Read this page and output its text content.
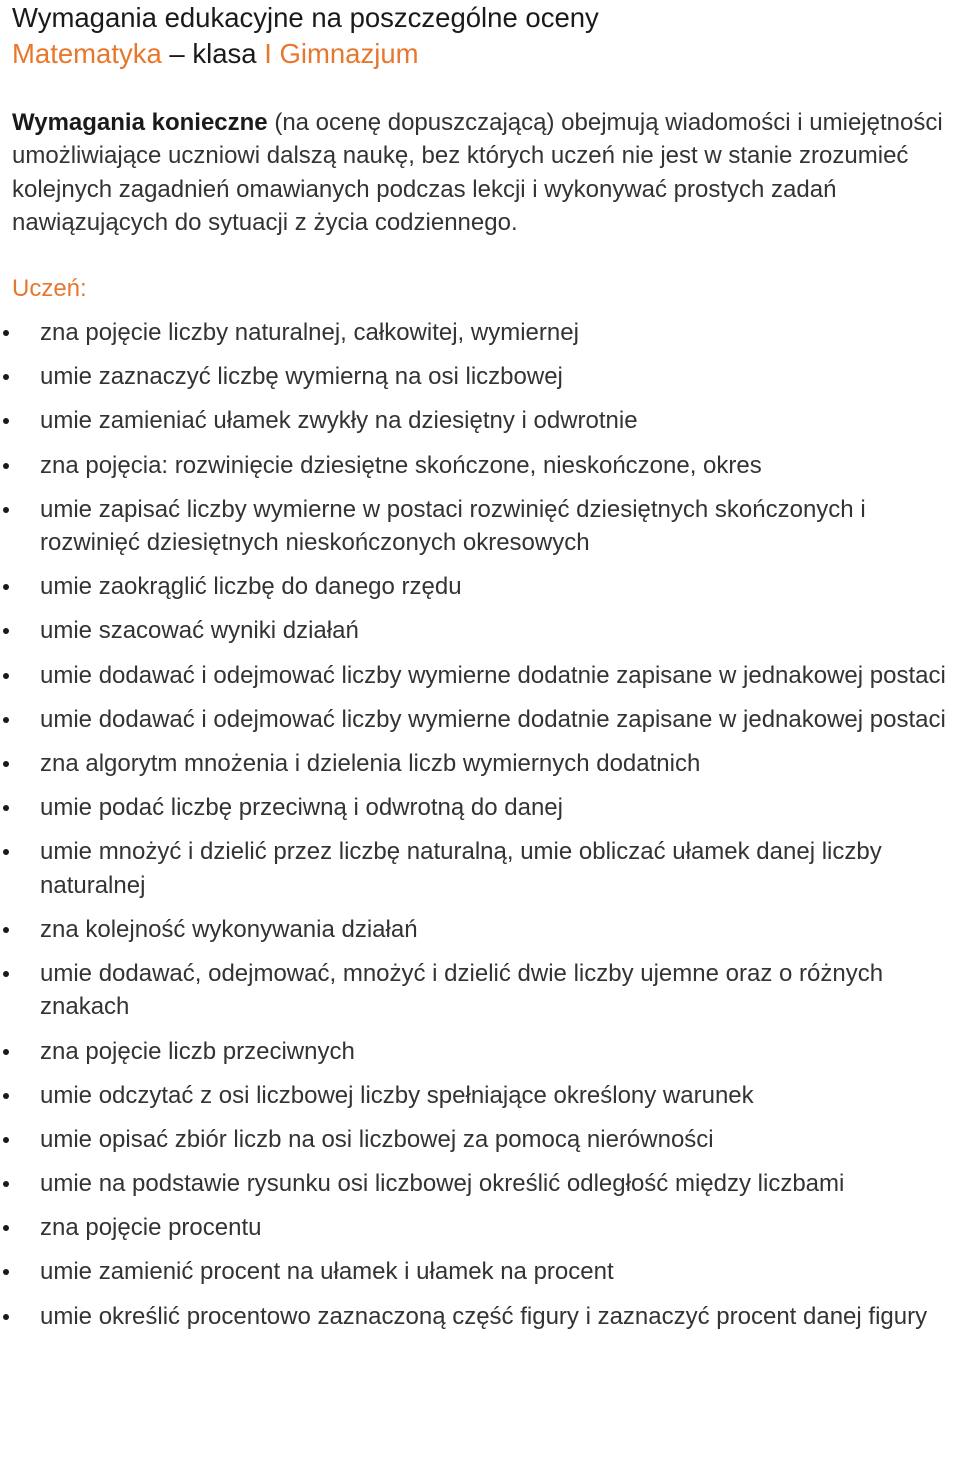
Wymagania edukacyjne na poszczególne oceny
Matematyka – klasa I Gimnazjum
Wymagania konieczne (na ocenę dopuszczającą) obejmują wiadomości i umiejętności umożliwiające uczniowi dalszą naukę, bez których uczeń nie jest w stanie zrozumieć kolejnych zagadnień omawianych podczas lekcji i wykonywać prostych zadań nawiązujących do sytuacji z życia codziennego.
Uczeń:
zna pojęcie liczby naturalnej, całkowitej, wymiernej
umie zaznaczyć liczbę wymierną na osi liczbowej
umie zamieniać ułamek zwykły na dziesiętny i odwrotnie
zna pojęcia: rozwinięcie dziesiętne skończone, nieskończone, okres
umie zapisać liczby wymierne w postaci rozwinięć dziesiętnych skończonych i rozwinięć dziesiętnych nieskończonych okresowych
umie zaokrąglić liczbę do danego rzędu
umie szacować wyniki działań
umie dodawać i odejmować liczby wymierne dodatnie zapisane w jednakowej postaci
umie dodawać i odejmować liczby wymierne dodatnie zapisane w jednakowej postaci
zna algorytm mnożenia i dzielenia liczb wymiernych dodatnich
umie podać liczbę przeciwną i odwrotną do danej
umie mnożyć i dzielić przez liczbę naturalną, umie obliczać ułamek danej liczby naturalnej
zna kolejność wykonywania działań
umie dodawać, odejmować, mnożyć i dzielić dwie liczby ujemne oraz o różnych znakach
zna pojęcie liczb przeciwnych
umie odczytać z osi liczbowej liczby spełniające określony warunek
umie opisać zbiór liczb na osi liczbowej za pomocą nierówności
umie na podstawie rysunku osi liczbowej określić odległość między liczbami
zna pojęcie procentu
umie zamienić procent na ułamek i ułamek na procent
umie określić procentowo zaznaczoną część figury i zaznaczyć procent danej figury
